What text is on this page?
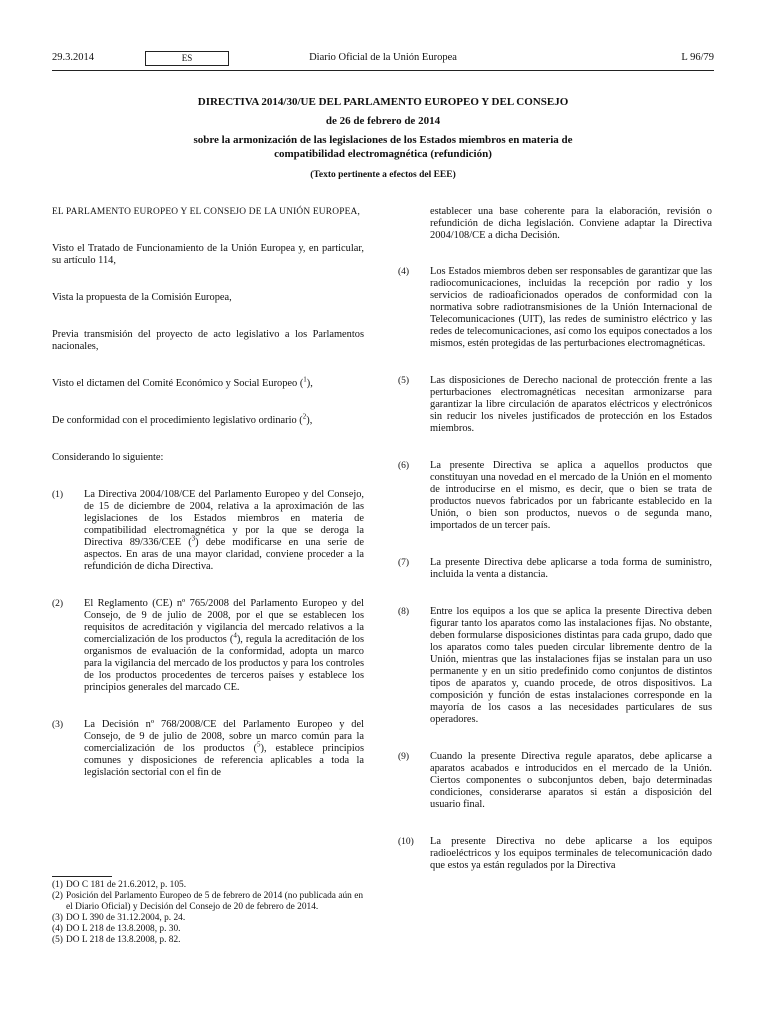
29.3.2014	ES	Diario Oficial de la Unión Europea	L 96/79

DIRECTIVA 2014/30/UE DEL PARLAMENTO EUROPEO Y DEL CONSEJO

de 26 de febrero de 2014

sobre la armonización de las legislaciones de los Estados miembros en materia de compatibilidad electromagnética (refundición)

(Texto pertinente a efectos del EEE)

EL PARLAMENTO EUROPEO Y EL CONSEJO DE LA UNIÓN EUROPEA,

Visto el Tratado de Funcionamiento de la Unión Europea y, en particular, su artículo 114,

Vista la propuesta de la Comisión Europea,

Previa transmisión del proyecto de acto legislativo a los Parlamentos nacionales,

Visto el dictamen del Comité Económico y Social Europeo ($^1$),

De conformidad con el procedimiento legislativo ordinario ($^2$),

Considerando lo siguiente:

(1) La Directiva 2004/108/CE del Parlamento Europeo y del Consejo, de 15 de diciembre de 2004, relativa a la aproximación de las legislaciones de los Estados miembros en materia de compatibilidad electromagnética y por la que se deroga la Directiva 89/336/CEE ($^3$) debe modificarse en una serie de aspectos. En aras de una mayor claridad, conviene proceder a la refundición de dicha Directiva.
(2) El Reglamento (CE) nº 765/2008 del Parlamento Europeo y del Consejo, de 9 de julio de 2008, por el que se establecen los requisitos de acreditación y vigilancia del mercado relativos a la comercialización de los productos ($^4$), regula la acreditación de los organismos de evaluación de la conformidad, adopta un marco para la vigilancia del mercado de los productos y para los controles de los productos procedentes de terceros países y establece los principios generales del marcado CE.
(3) La Decisión nº 768/2008/CE del Parlamento Europeo y del Consejo, de 9 de julio de 2008, sobre un marco común para la comercialización de los productos ($^5$), establece principios comunes y disposiciones de referencia aplicables a toda la legislación sectorial con el fin de

establecer una base coherente para la elaboración, revisión o refundición de dicha legislación. Conviene adaptar la Directiva 2004/108/CE a dicha Decisión.

(4) Los Estados miembros deben ser responsables de garantizar que las radiocomunicaciones, incluidas la recepción por radio y los servicios de radioaficionados operados de conformidad con la normativa sobre radiotransmisiones de la Unión Internacional de Telecomunicaciones (UIT), las redes de suministro eléctrico y las redes de telecomunicaciones, así como los equipos conectados a los mismos, estén protegidas de las perturbaciones electromagnéticas.
(5) Las disposiciones de Derecho nacional de protección frente a las perturbaciones electromagnéticas necesitan armonizarse para garantizar la libre circulación de aparatos eléctricos y electrónicos sin reducir los niveles justificados de protección en los Estados miembros.
(6) La presente Directiva se aplica a aquellos productos que constituyan una novedad en el mercado de la Unión en el momento de introducirse en el mismo, es decir, que o bien se trata de productos nuevos fabricados por un fabricante establecido en la Unión, o bien son productos, nuevos o de segunda mano, importados de un tercer país.
(7) La presente Directiva debe aplicarse a toda forma de suministro, incluida la venta a distancia.
(8) Entre los equipos a los que se aplica la presente Directiva deben figurar tanto los aparatos como las instalaciones fijas. No obstante, deben formularse disposiciones distintas para cada grupo, dado que los aparatos como tales pueden circular libremente dentro de la Unión, mientras que las instalaciones fijas se instalan para un uso permanente y en un sitio predefinido como conjuntos de distintos tipos de aparatos y, cuando procede, de otros dispositivos. La composición y función de estas instalaciones corresponde en la mayoría de los casos a las necesidades particulares de sus operadores.
(9) Cuando la presente Directiva regule aparatos, debe aplicarse a aparatos acabados e introducidos en el mercado de la Unión. Ciertos componentes o subconjuntos deben, bajo determinadas condiciones, considerarse aparatos si están a disposición del usuario final.
(10) La presente Directiva no debe aplicarse a los equipos radioeléctricos y los equipos terminales de telecomunicación dado que estos ya están regulados por la Directiva

(1) DO C 181 de 21.6.2012, p. 105.

(2) Posición del Parlamento Europeo de 5 de febrero de 2014 (no publicada aún en el Diario Oficial) y Decisión del Consejo de 20 de febrero de 2014.

(3) DO L 390 de 31.12.2004, p. 24.

(4) DO L 218 de 13.8.2008, p. 30.

(5) DO L 218 de 13.8.2008, p. 82.
